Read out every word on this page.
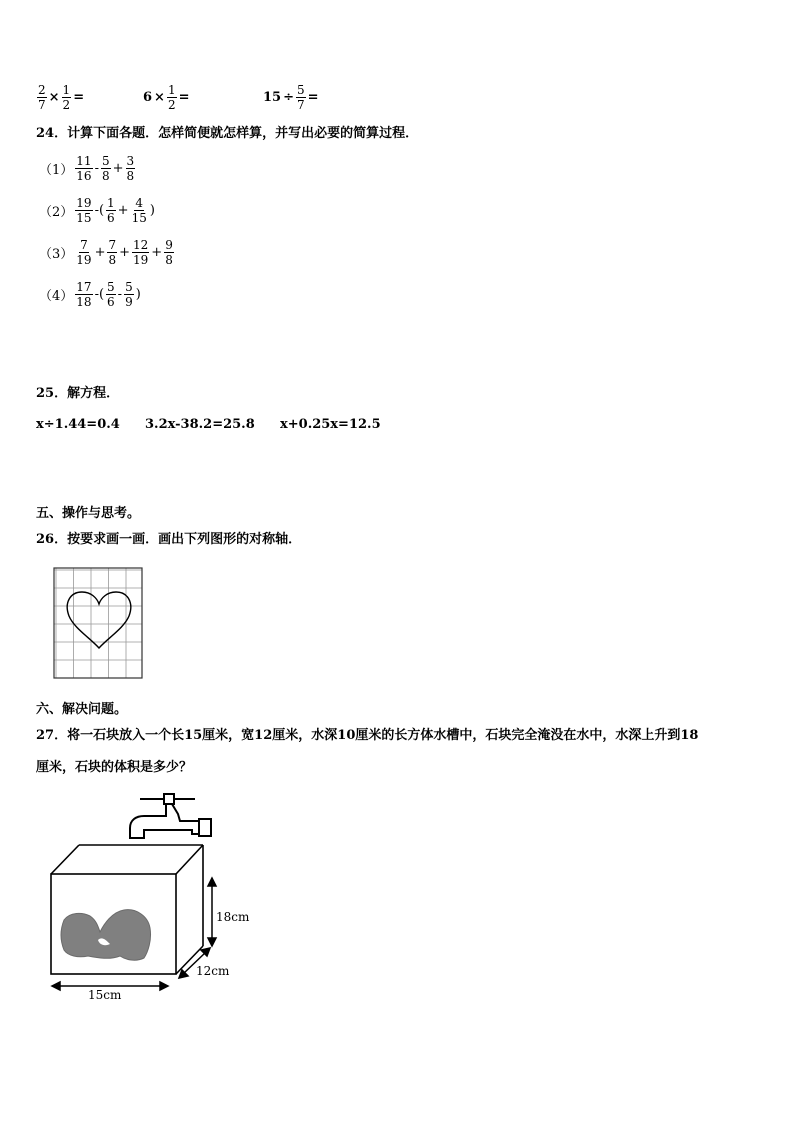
$\frac{2}{7} \times \frac{1}{2}$ =	$6 \times \frac{1}{2}$ =	$15 \div \frac{5}{7}$ =
24．计算下面各题．怎样简便就怎样算，并写出必要的简算过程．
$(1) \frac{11}{16} - \frac{5}{8} + \frac{3}{8}$
$(2) \frac{19}{15}$ -( $\frac{1}{6} + \frac{4}{15}$ )
$(3) \frac{7}{19} + \frac{7}{8} + \frac{12}{19} + \frac{9}{8}$
$(4) \frac{17}{18}$ -( $\frac{5}{6} - \frac{5}{9}$ )
25．解方程．
x÷1.44=0.4 3.2x-38.2=25.8 x+0.25x=12.5
五、操作与思考。
26．按要求画一画．画出下列图形的对称轴．
六、解决问题。
27．将一石块放入一个长15厘米，宽12厘米，水深10厘米的长方体水槽中，石块完全淹没在水中，水深上升到18
厘米，石块的体积是多少？
18cm
12cm
15cm
